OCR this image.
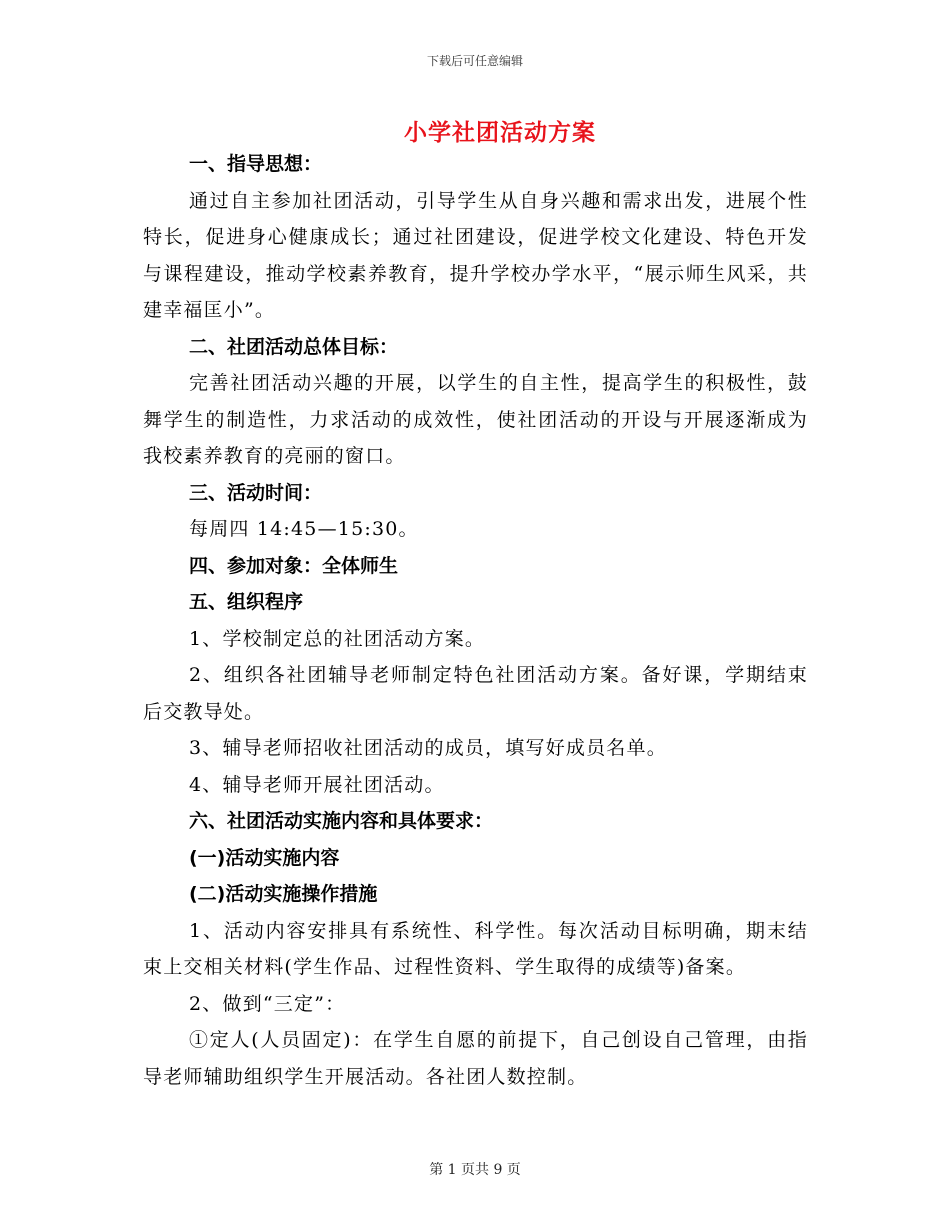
下载后可任意编辑
小学社团活动方案
一、指导思想：
通过自主参加社团活动，引导学生从自身兴趣和需求出发，进展个性特长，促进身心健康成长；通过社团建设，促进学校文化建设、特色开发与课程建设，推动学校素养教育，提升学校办学水平，“展示师生风采，共建幸福匡小”。
二、社团活动总体目标：
完善社团活动兴趣的开展，以学生的自主性，提高学生的积极性，鼓舞学生的制造性，力求活动的成效性，使社团活动的开设与开展逐渐成为我校素养教育的亮丽的窗口。
三、活动时间：
每周四 14:45—15:30。
四、参加对象：全体师生
五、组织程序
1、学校制定总的社团活动方案。
2、组织各社团辅导老师制定特色社团活动方案。备好课，学期结束后交教导处。
3、辅导老师招收社团活动的成员，填写好成员名单。
4、辅导老师开展社团活动。
六、社团活动实施内容和具体要求：
(一)活动实施内容
(二)活动实施操作措施
1、活动内容安排具有系统性、科学性。每次活动目标明确，期末结束上交相关材料(学生作品、过程性资料、学生取得的成绩等)备案。
2、做到“三定”：
①定人(人员固定)：在学生自愿的前提下，自己创设自己管理，由指导老师辅助组织学生开展活动。各社团人数控制。
第 1 页共 9 页
